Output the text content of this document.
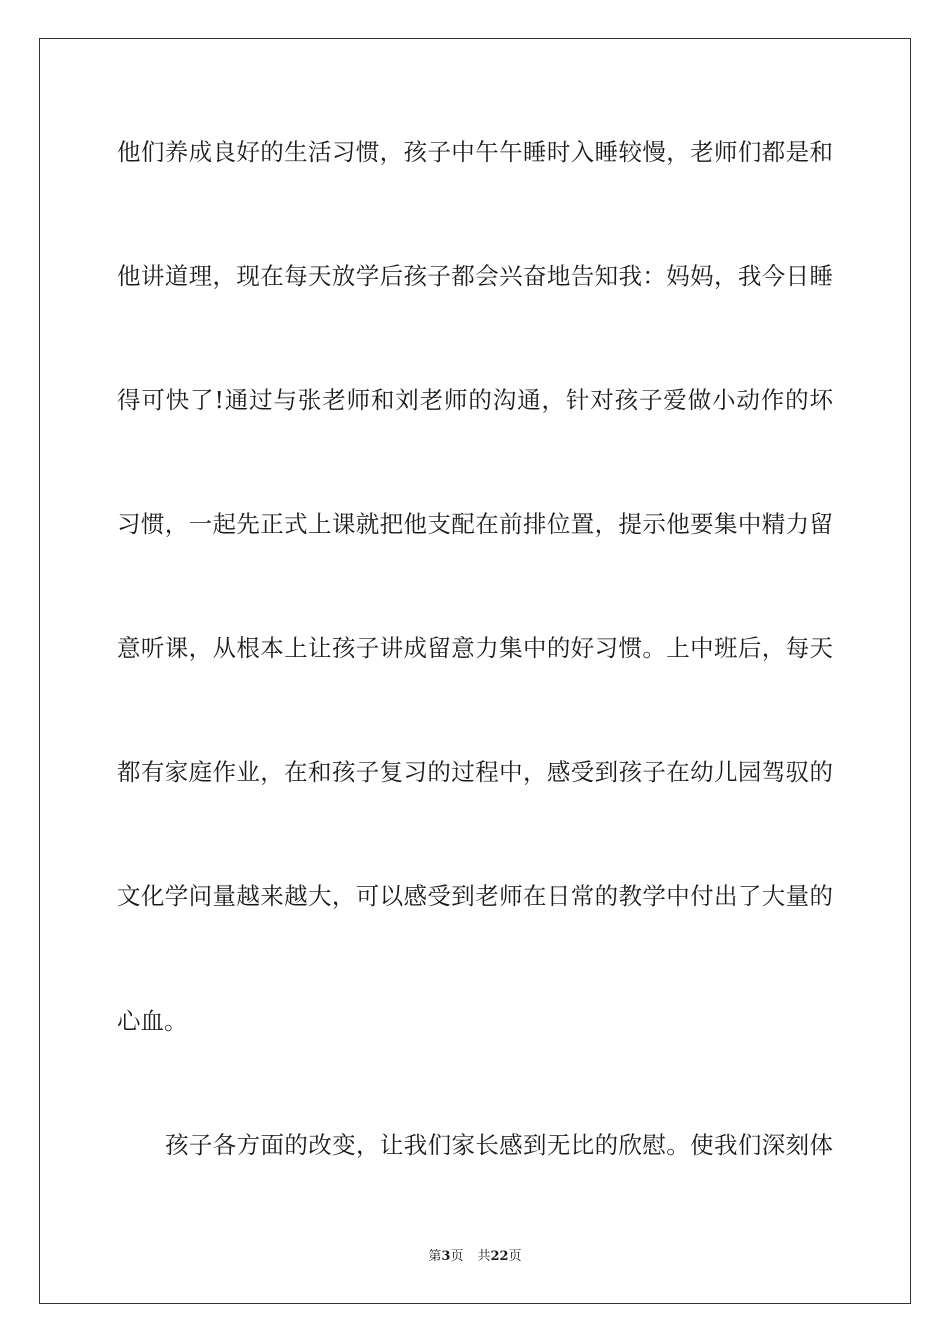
他们养成良好的生活习惯，孩子中午午睡时入睡较慢，老师们都是和
他讲道理，现在每天放学后孩子都会兴奋地告知我：妈妈，我今日睡
得可快了!通过与张老师和刘老师的沟通，针对孩子爱做小动作的坏
习惯，一起先正式上课就把他支配在前排位置，提示他要集中精力留
意听课，从根本上让孩子讲成留意力集中的好习惯。上中班后，每天
都有家庭作业，在和孩子复习的过程中，感受到孩子在幼儿园驾驭的
文化学问量越来越大，可以感受到老师在日常的教学中付出了大量的
心血。
孩子各方面的改变，让我们家长感到无比的欣慰。使我们深刻体
第3页 共22页
